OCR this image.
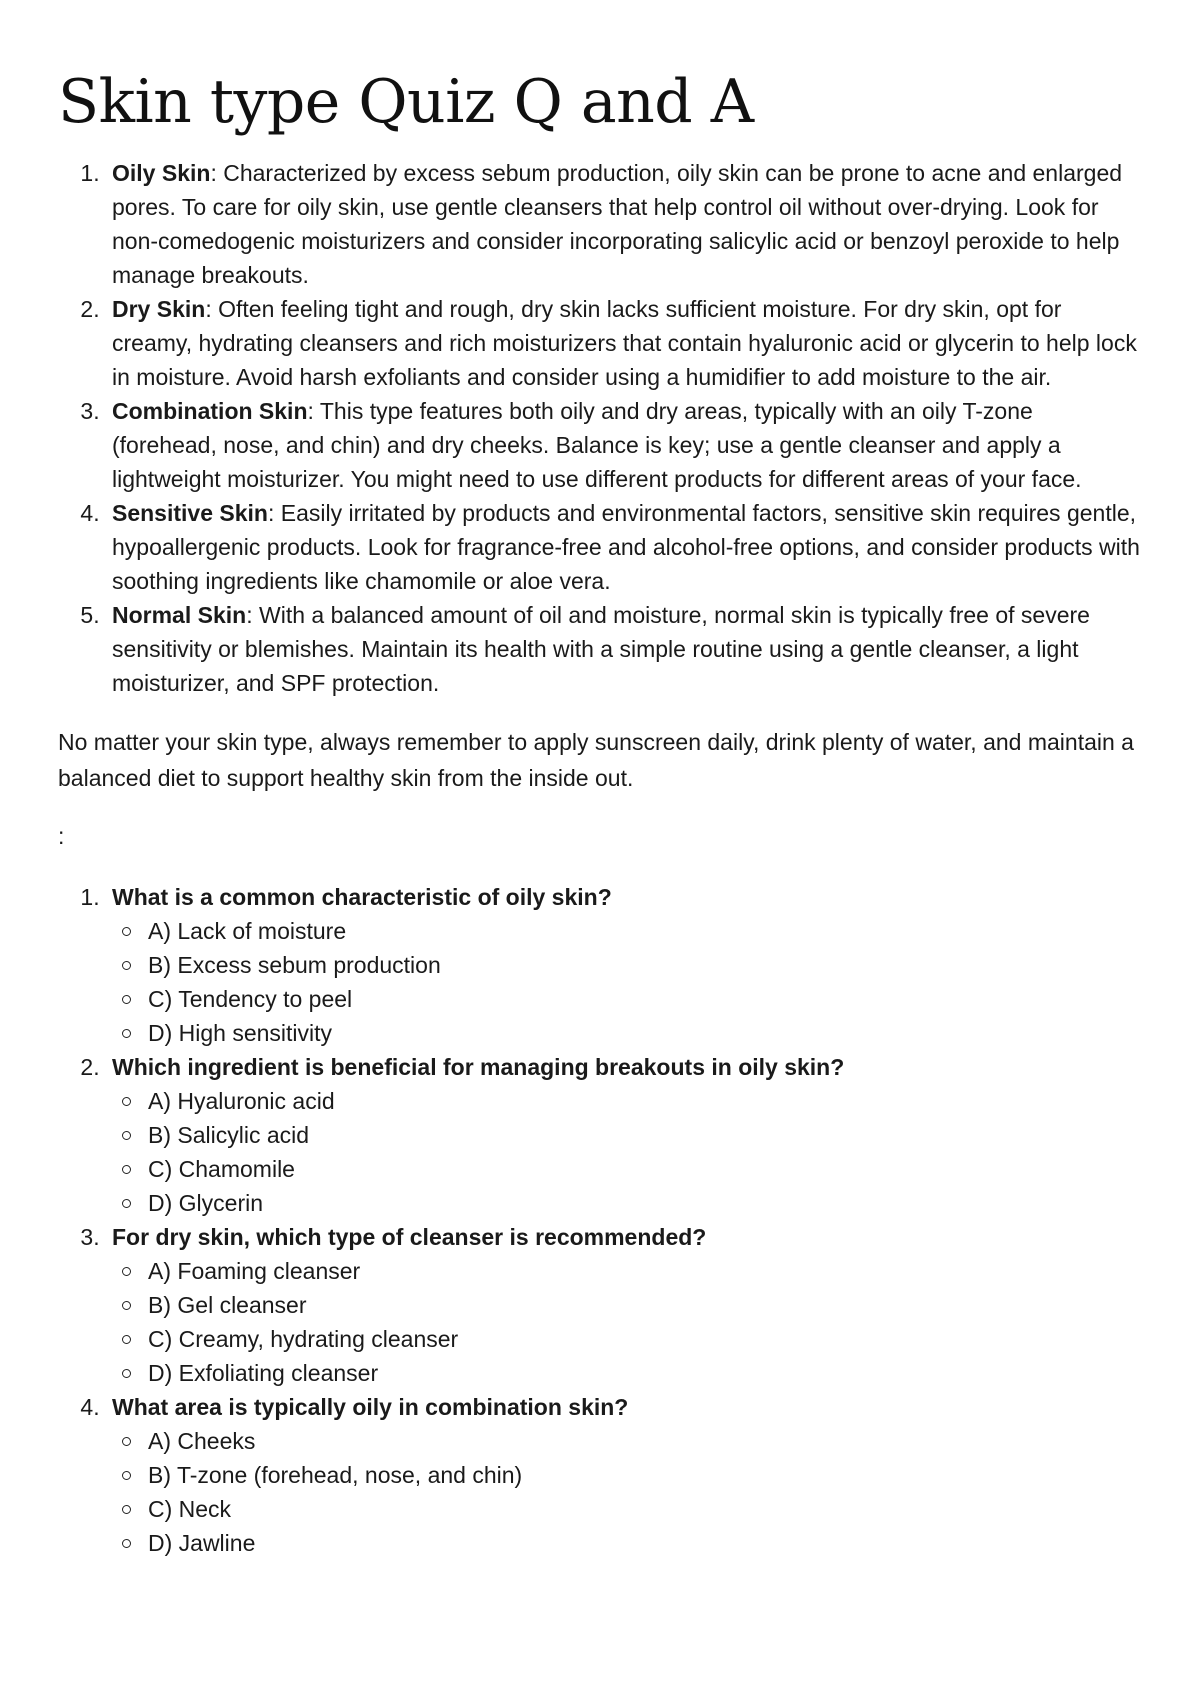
Skin type Quiz Q and A
1. Oily Skin: Characterized by excess sebum production, oily skin can be prone to acne and enlarged pores. To care for oily skin, use gentle cleansers that help control oil without over-drying. Look for non-comedogenic moisturizers and consider incorporating salicylic acid or benzoyl peroxide to help manage breakouts.
2. Dry Skin: Often feeling tight and rough, dry skin lacks sufficient moisture. For dry skin, opt for creamy, hydrating cleansers and rich moisturizers that contain hyaluronic acid or glycerin to help lock in moisture. Avoid harsh exfoliants and consider using a humidifier to add moisture to the air.
3. Combination Skin: This type features both oily and dry areas, typically with an oily T-zone (forehead, nose, and chin) and dry cheeks. Balance is key; use a gentle cleanser and apply a lightweight moisturizer. You might need to use different products for different areas of your face.
4. Sensitive Skin: Easily irritated by products and environmental factors, sensitive skin requires gentle, hypoallergenic products. Look for fragrance-free and alcohol-free options, and consider products with soothing ingredients like chamomile or aloe vera.
5. Normal Skin: With a balanced amount of oil and moisture, normal skin is typically free of severe sensitivity or blemishes. Maintain its health with a simple routine using a gentle cleanser, a light moisturizer, and SPF protection.

No matter your skin type, always remember to apply sunscreen daily, drink plenty of water, and maintain a balanced diet to support healthy skin from the inside out.

:

1. What is a common characteristic of oily skin?
A) Lack of moisture
B) Excess sebum production
C) Tendency to peel
D) High sensitivity
2. Which ingredient is beneficial for managing breakouts in oily skin?
A) Hyaluronic acid
B) Salicylic acid
C) Chamomile
D) Glycerin
3. For dry skin, which type of cleanser is recommended?
A) Foaming cleanser
B) Gel cleanser
C) Creamy, hydrating cleanser
D) Exfoliating cleanser
4. What area is typically oily in combination skin?
A) Cheeks
B) T-zone (forehead, nose, and chin)
C) Neck
D) Jawline
